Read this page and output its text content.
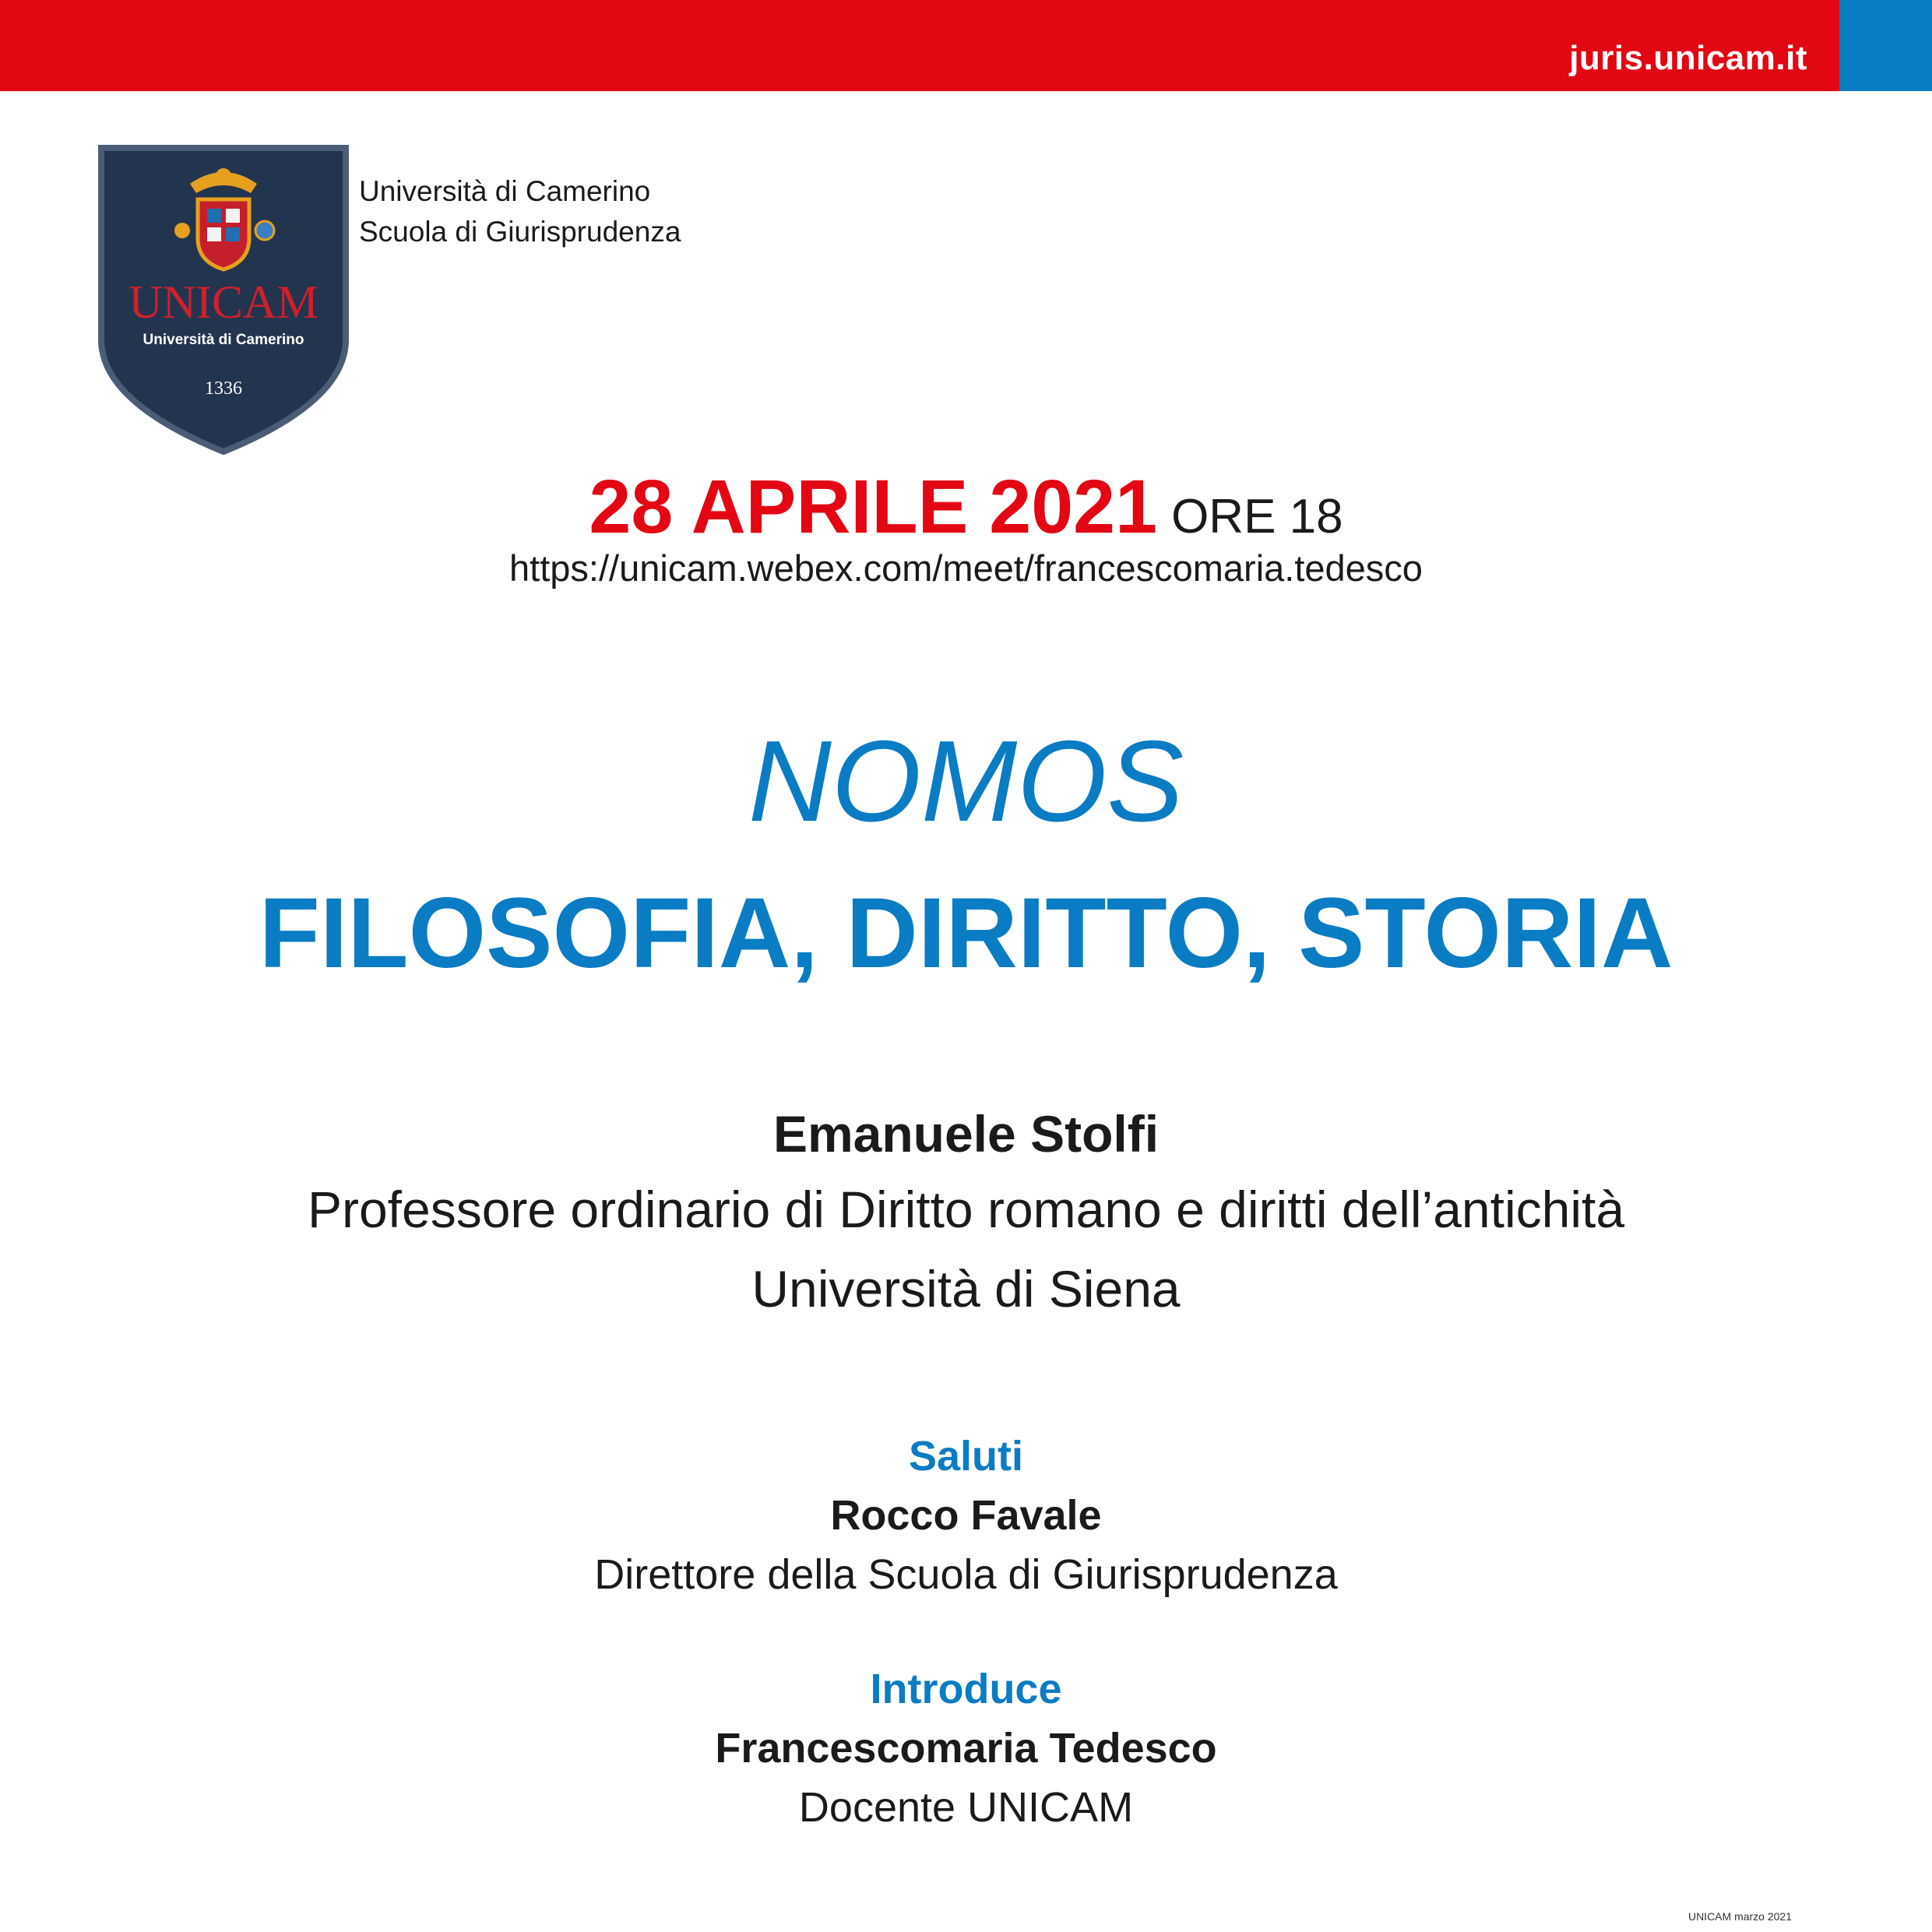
juris.unicam.it
UNICAM
Università di Camerino
1336
Università di Camerino
Scuola di Giurisprudenza
28 APRILE 2021 ORE 18
https://unicam.webex.com/meet/francescomaria.tedesco
NOMOS
FILOSOFIA, DIRITTO, STORIA
Emanuele Stolfi
Professore ordinario di Diritto romano e diritti dell’antichità
Università di Siena
Saluti
Rocco Favale
Direttore della Scuola di Giurisprudenza
Introduce
Francescomaria Tedesco
Docente UNICAM
UNICAM marzo 2021
